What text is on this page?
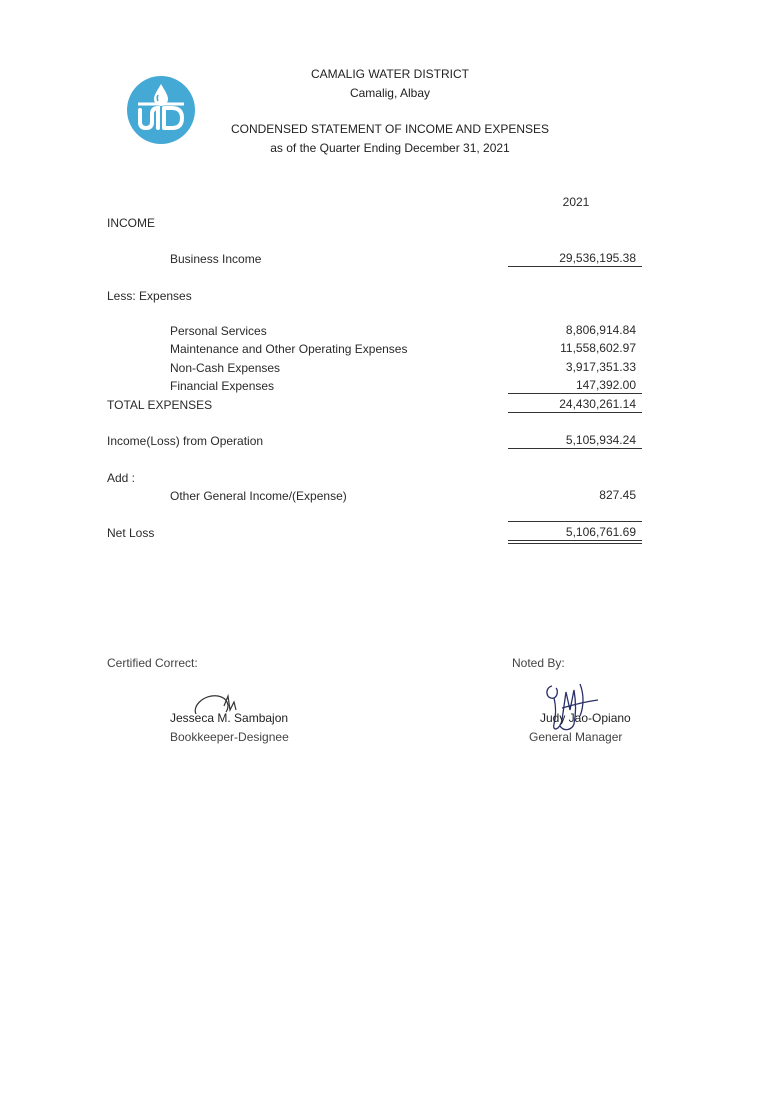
CAMALIG WATER DISTRICT
Camalig, Albay
CONDENSED STATEMENT OF INCOME AND EXPENSES
as of the Quarter Ending December 31, 2021
2021
INCOME
Business Income	29,536,195.38
Less: Expenses
Personal Services	8,806,914.84
Maintenance and Other Operating Expenses	11,558,602.97
Non-Cash Expenses	3,917,351.33
Financial Expenses	147,392.00
TOTAL EXPENSES	24,430,261.14
Income(Loss) from Operation	5,105,934.24
Add :
Other General Income/(Expense)	827.45
Net Loss	5,106,761.69
Certified Correct:
Jesseca M. Sambajon
Bookkeeper-Designee
Noted By:
Judy Jao-Opiano
General Manager
